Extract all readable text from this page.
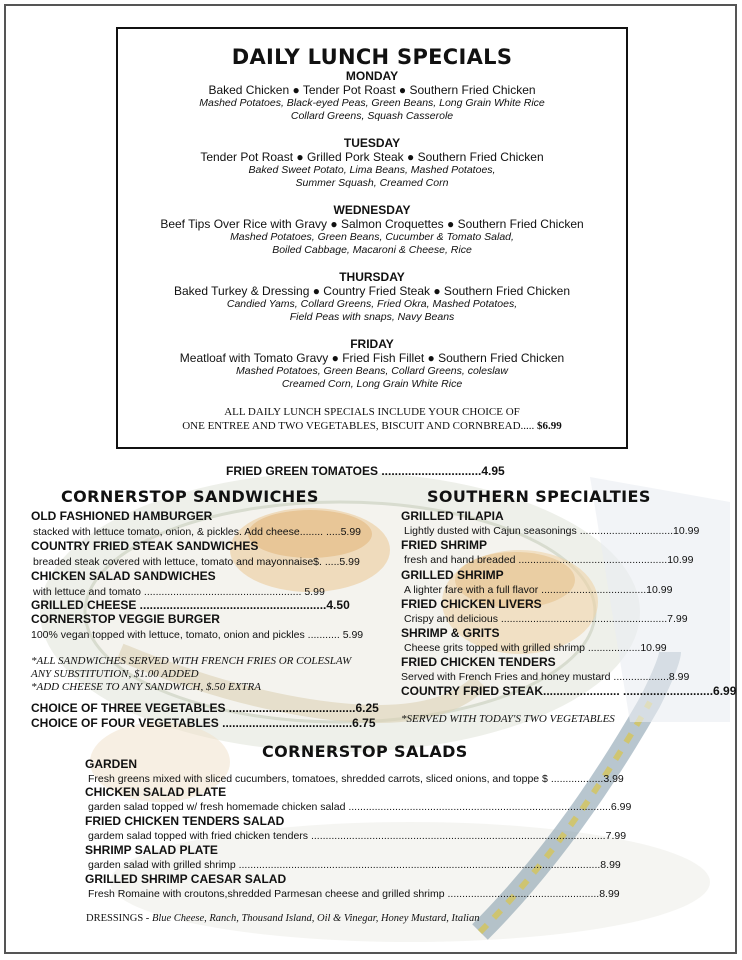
DAILY LUNCH SPECIALS
MONDAY
Baked Chicken ● Tender Pot Roast ● Southern Fried Chicken
Mashed Potatoes, Black-eyed Peas, Green Beans, Long Grain White Rice
Collard Greens, Squash Casserole
TUESDAY
Tender Pot Roast ● Grilled Pork Steak ● Southern Fried Chicken
Baked Sweet Potato, Lima Beans, Mashed Potatoes,
Summer Squash, Creamed Corn
WEDNESDAY
Beef Tips Over Rice with Gravy ● Salmon Croquettes ● Southern Fried Chicken
Mashed Potatoes, Green Beans, Cucumber & Tomato Salad,
Boiled Cabbage, Macaroni & Cheese, Rice
THURSDAY
Baked Turkey & Dressing ● Country Fried Steak ● Southern Fried Chicken
Candied Yams, Collard Greens, Fried Okra, Mashed Potatoes,
Field Peas with snaps, Navy Beans
FRIDAY
Meatloaf with Tomato Gravy ● Fried Fish Fillet ● Southern Fried Chicken
Mashed Potatoes, Green Beans, Collard Greens, coleslaw
Creamed Corn, Long Grain White Rice
ALL DAILY LUNCH SPECIALS INCLUDE YOUR CHOICE OF
ONE ENTREE AND TWO VEGETABLES, BISCUIT AND CORNBREAD..... $6.99
FRIED GREEN TOMATOES ..............................4.95
CORNERSTOP SANDWICHES
OLD FASHIONED HAMBURGER
stacked with lettuce tomato, onion, & pickles. Add cheese........ .....5.99
COUNTRY FRIED STEAK SANDWICHES
breaded steak covered with lettuce, tomato and mayonnaise$. .....5.99
CHICKEN SALAD SANDWICHES
with lettuce and tomato ...................................................... 5.99
GRILLED CHEESE ........................................................4.50
CORNERSTOP VEGGIE BURGER
100% vegan topped with lettuce, tomato, onion and pickles ........... 5.99
*ALL SANDWICHES SERVED WITH FRENCH FRIES OR COLESLAW
ANY SUBSTITUTION, $1.00 ADDED
*ADD CHEESE TO ANY SANDWICH, $.50 EXTRA
CHOICE OF THREE VEGETABLES ......................................6.25
CHOICE OF FOUR VEGETABLES .......................................6.75
SOUTHERN SPECIALTIES
GRILLED TILAPIA
Lightly dusted with Cajun seasonings ................................10.99
FRIED SHRIMP
fresh and hand breaded ...................................................10.99
GRILLED SHRIMP
A lighter fare with a full flavor ....................................10.99
FRIED CHICKEN LIVERS
Crispy and delicious .........................................................7.99
SHRIMP & GRITS
Cheese grits topped with grilled shrimp ..................10.99
FRIED CHICKEN TENDERS
Served with French Fries and honey mustard ...................8.99
COUNTRY FRIED STEAK....................... ...........................6.99
*SERVED WITH TODAY'S TWO VEGETABLES
CORNERSTOP SALADS
GARDEN
Fresh greens mixed with sliced cucumbers, tomatoes, shredded carrots, sliced onions, and toppe $ ..................3.99
CHICKEN SALAD PLATE
garden salad topped w/ fresh homemade chicken salad ..........................................................................................6.99
FRIED CHICKEN TENDERS SALAD
gardem salad topped with fried chicken tenders .....................................................................................................7.99
SHRIMP SALAD PLATE
garden salad with grilled shrimp ............................................................................................................................8.99
GRILLED SHRIMP CAESAR SALAD
Fresh Romaine with croutons,shredded Parmesan cheese and grilled shrimp ....................................................8.99
DRESSINGS - Blue Cheese, Ranch, Thousand Island, Oil & Vinegar, Honey Mustard, Italian
